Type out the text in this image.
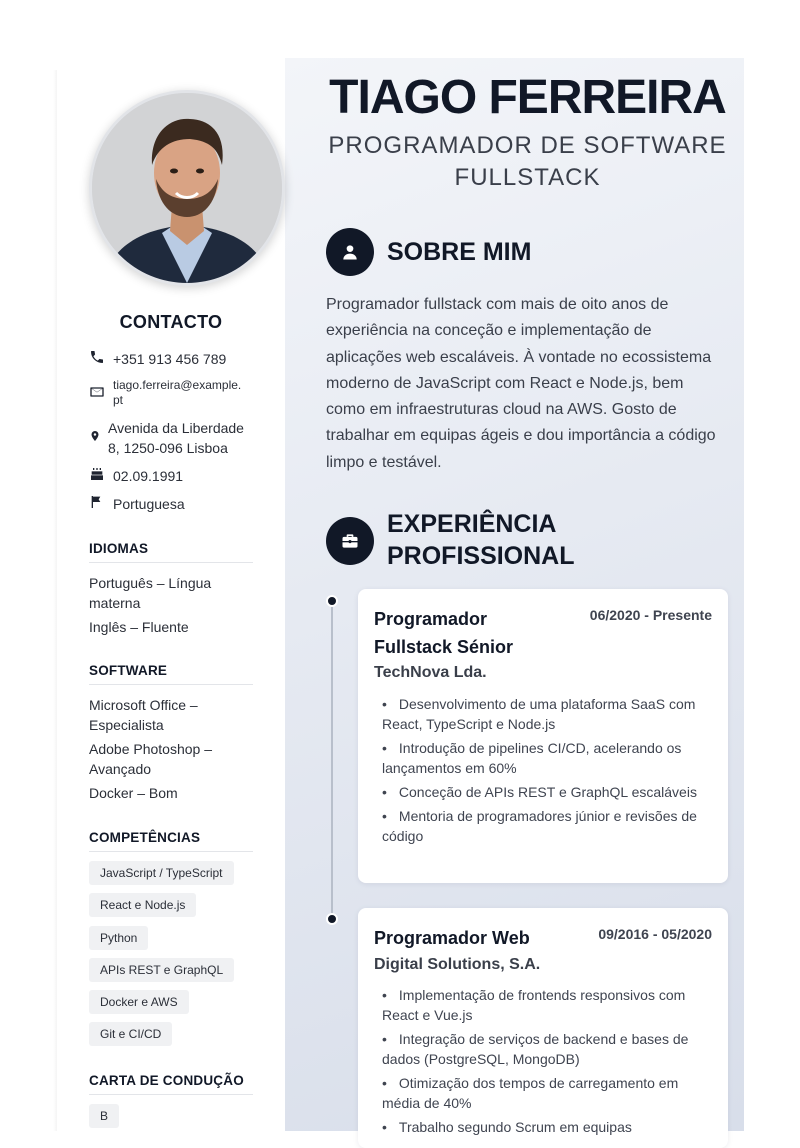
CONTACTO
+351 913 456 789
tiago.ferreira@example.
pt
Avenida da Liberdade
8, 1250-096 Lisboa
02.09.1991
Portuguesa
IDIOMAS
Português – Língua materna
Inglês – Fluente
SOFTWARE
Microsoft Office – Especialista
Adobe Photoshop – Avançado
Docker – Bom
COMPETÊNCIAS
JavaScript / TypeScript
React e Node.js
Python
APIs REST e GraphQL
Docker e AWS
Git e CI/CD
CARTA DE CONDUÇÃO
B
TIAGO FERREIRA
PROGRAMADOR DE SOFTWARE
FULLSTACK
SOBRE MIM
Programador fullstack com mais de oito anos de experiência na conceção e implementação de aplicações web escaláveis. À vontade no ecossistema moderno de JavaScript com React e Node.js, bem como em infraestruturas cloud na AWS. Gosto de trabalhar em equipas ágeis e dou importância a código limpo e testável.
EXPERIÊNCIA
PROFISSIONAL
Programador
Fullstack Sénior
06/2020 - Presente
TechNova Lda.
• Desenvolvimento de uma plataforma SaaS com React, TypeScript e Node.js
• Introdução de pipelines CI/CD, acelerando os lançamentos em 60%
• Conceção de APIs REST e GraphQL escaláveis
• Mentoria de programadores júnior e revisões de código
Programador Web	09/2016 - 05/2020
Digital Solutions, S.A.
• Implementação de frontends responsivos com React e Vue.js
• Integração de serviços de backend e bases de dados (PostgreSQL, MongoDB)
• Otimização dos tempos de carregamento em média de 40%
• Trabalho segundo Scrum em equipas
